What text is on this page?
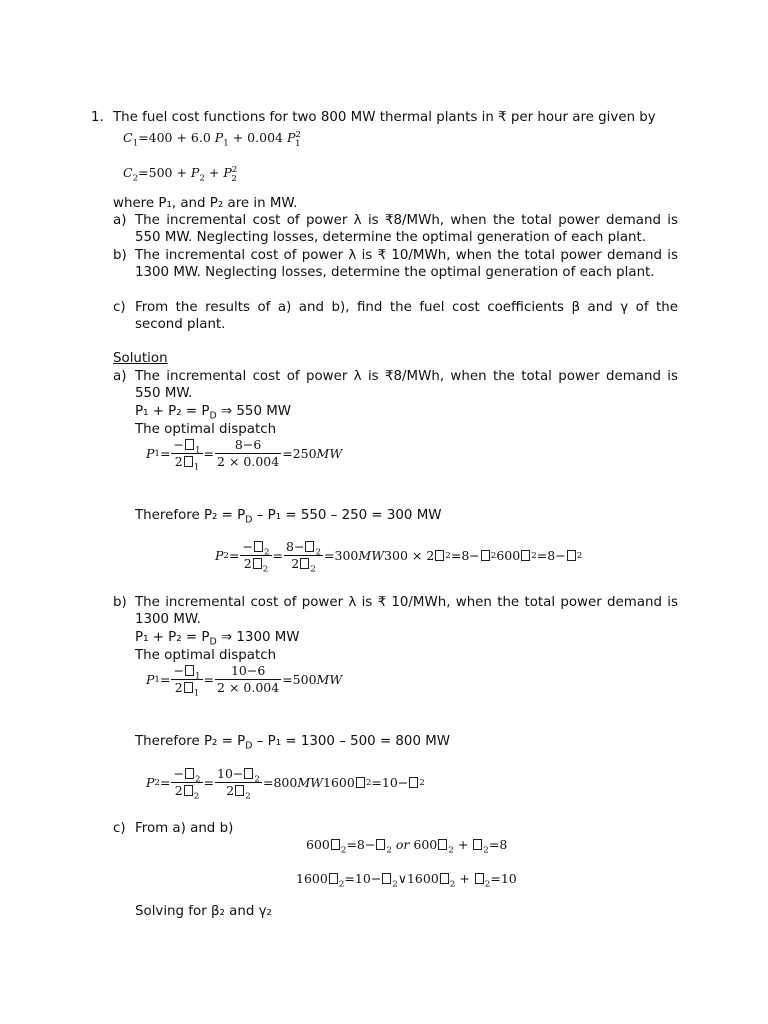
1. The fuel cost functions for two 800 MW thermal plants in ₹ per hour are given by
$C_1=400 + 6.0$ $P_1 + 0.004$ $P^2_1$
$C_2=500 + P_2 + P^2_2$
where P₁, and P₂ are in MW.
a) The incremental cost of power λ is ₹8/MWh, when the total power demand is 550 MW. Neglecting losses, determine the optimal generation of each plant.
b) The incremental cost of power λ is ₹ 10/MWh, when the total power demand is 1300 MW. Neglecting losses, determine the optimal generation of each plant.
c) From the results of a) and b), find the fuel cost coefficients β and γ of the second plant.
Solution
a) The incremental cost of power λ is ₹8/MWh, when the total power demand is 550 MW.
$P_1 + P_2 = P_D$ ⇒ 550 MW
The optimal dispatch
P $1 = \frac{- _1}{2 _1} = \frac{8-6}{2 \times 0.004} =250$ MW
Therefore $P_2 = P_D - P_1 = 550 - 250 = 300$ MW
P $2 = \frac{- _2}{2 _2} = \frac{8- _2}{2 _2} =300$ MW 300 × 2 2 =8− 2 600 2 =8− 2
b) The incremental cost of power λ is ₹ 10/MWh, when the total power demand is 1300 MW.
$P_1 + P_2 = P_D$ ⇒ 1300 MW
The optimal dispatch
P $1 = \frac{- _1}{2 _1} = \frac{10-6}{2 \times 0.004} =500$ MW
Therefore $P_2 = P_D - P_1 = 1300 - 500 = 800$ MW
P $2 = \frac{- _2}{2 _2} = \frac{10- _2}{2 _2} =800$ MW 1600 2 =10− 2
c) From a) and b)
600 $_2$=8− $_2$ or 600 $_2$ + $_2$=8
1600 $_2$=10− $_2$∨1600 $_2$ + $_2$=10
Solving for β₂ and γ₂
